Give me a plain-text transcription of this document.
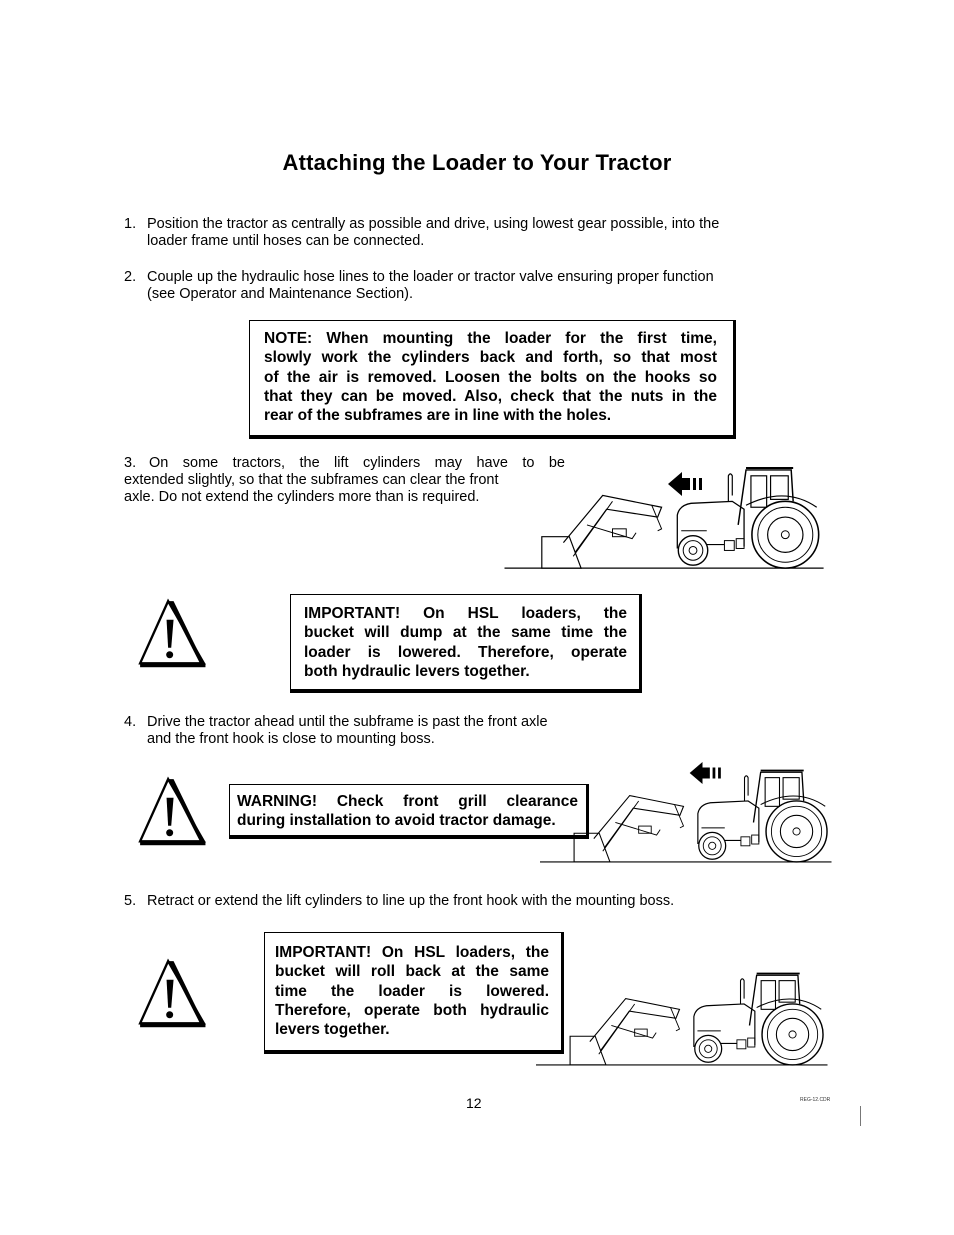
Attaching the Loader to Your Tractor
1. Position the tractor as centrally as possible and drive, using lowest gear possible, into the
loader frame until hoses can be connected.
2. Couple up the hydraulic hose lines to the loader or tractor valve ensuring proper function
(see Operator and Maintenance Section).
NOTE: When mounting the loader for the first time,
slowly work the cylinders back and forth, so that most
of the air is removed. Loosen the bolts on the hooks so
that they can be moved. Also, check that the nuts in the
rear of the subframes are in line with the holes.
3. On some tractors, the lift cylinders may have to be
extended slightly, so that the subframes can clear the front
axle. Do not extend the cylinders more than is required.
IMPORTANT! On HSL loaders, the
bucket will dump at the same time the
loader is lowered. Therefore, operate
both hydraulic levers together.
4. Drive the tractor ahead until the subframe is past the front axle
and the front hook is close to mounting boss.
WARNING! Check front grill clearance
during installation to avoid tractor damage.
5. Retract or extend the lift cylinders to line up the front hook with the mounting boss.
IMPORTANT! On HSL loaders, the
bucket will roll back at the same
time the loader is lowered.
Therefore, operate both hydraulic
levers together.
12	REG-12.CDR
